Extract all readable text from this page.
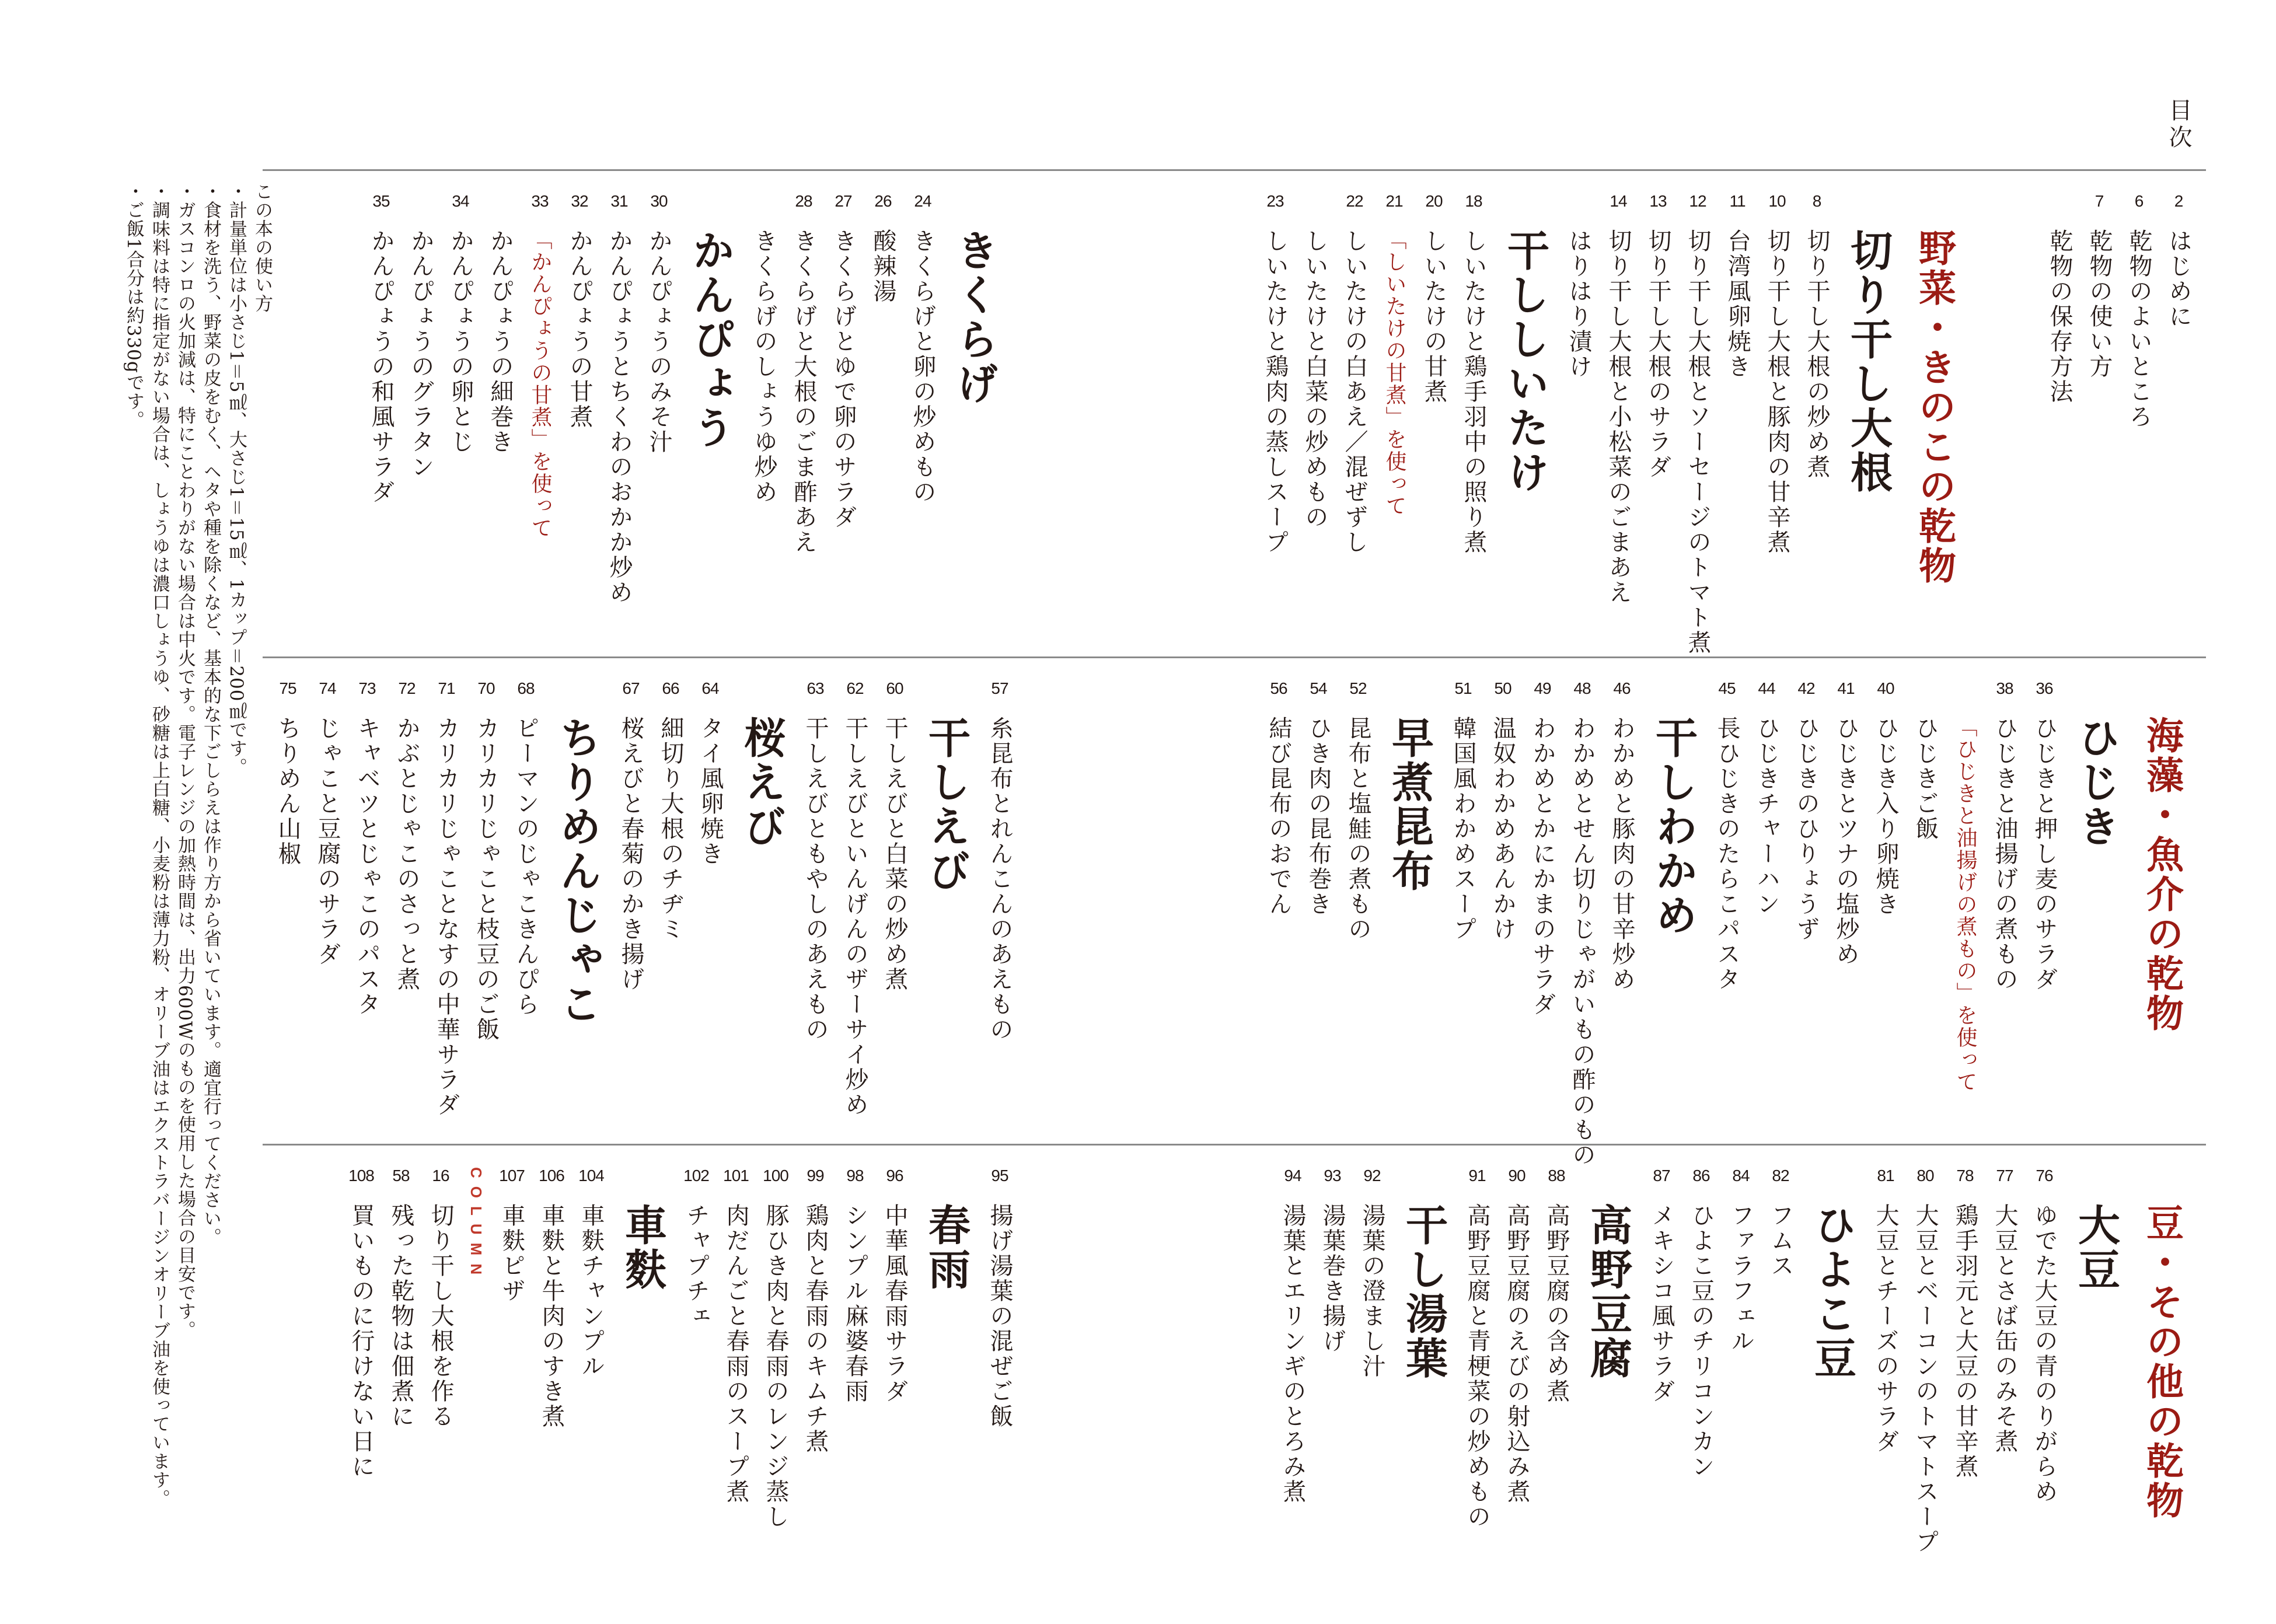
目次
2
はじめに
6
乾物のよいところ
7
乾物の使い方
乾物の保存方法
野菜・きのこの乾物
切り干し大根
8
切り干し大根の炒め煮
10
切り干し大根と豚肉の甘辛煮
11
台湾風卵焼き
12
切り干し大根とソーセージのトマト煮
13
切り干し大根のサラダ
14
切り干し大根と小松菜のごまあえ
はりはり漬け
干ししいたけ
18
しいたけと鶏手羽中の照り煮
20
しいたけの甘煮
21
「しいたけの甘煮」を使って
22
しいたけの白あえ／混ぜずし
しいたけと白菜の炒めもの
23
しいたけと鶏肉の蒸しスープ
きくらげ
24
きくらげと卵の炒めもの
26
酸辣湯
27
きくらげとゆで卵のサラダ
28
きくらげと大根のごま酢あえ
きくらげのしょうゆ炒め
かんぴょう
30
かんぴょうのみそ汁
31
かんぴょうとちくわのおかか炒め
32
かんぴょうの甘煮
33
「かんぴょうの甘煮」を使って
かんぴょうの細巻き
34
かんぴょうの卵とじ
かんぴょうのグラタン
35
かんぴょうの和風サラダ
海藻・魚介の乾物
ひじき
36
ひじきと押し麦のサラダ
38
ひじきと油揚げの煮もの
「ひじきと油揚げの煮もの」を使って
ひじきご飯
40
ひじき入り卵焼き
41
ひじきとツナの塩炒め
42
ひじきのひりょうず
44
ひじきチャーハン
45
長ひじきのたらこパスタ
干しわかめ
46
わかめと豚肉の甘辛炒め
48
わかめとせん切りじゃがいもの酢のもの
49
わかめとかにかまのサラダ
50
温奴わかめあんかけ
51
韓国風わかめスープ
早煮昆布
52
昆布と塩鮭の煮もの
54
ひき肉の昆布巻き
56
結び昆布のおでん
57
糸昆布とれんこんのあえもの
干しえび
60
干しえびと白菜の炒め煮
62
干しえびといんげんのザーサイ炒め
63
干しえびともやしのあえもの
桜えび
64
タイ風卵焼き
66
細切り大根のチヂミ
67
桜えびと春菊のかき揚げ
ちりめんじゃこ
68
ピーマンのじゃこきんぴら
70
カリカリじゃこと枝豆のご飯
71
カリカリじゃことなすの中華サラダ
72
かぶとじゃこのさっと煮
73
キャベツとじゃこのパスタ
74
じゃこと豆腐のサラダ
75
ちりめん山椒
豆・その他の乾物
大豆
76
ゆでた大豆の青のりがらめ
77
大豆とさば缶のみそ煮
78
鶏手羽元と大豆の甘辛煮
80
大豆とベーコンのトマトスープ
81
大豆とチーズのサラダ
ひよこ豆
82
フムス
84
ファラフェル
86
ひよこ豆のチリコンカン
87
メキシコ風サラダ
高野豆腐
88
高野豆腐の含め煮
90
高野豆腐のえびの射込み煮
91
高野豆腐と青梗菜の炒めもの
干し湯葉
92
湯葉の澄まし汁
93
湯葉巻き揚げ
94
湯葉とエリンギのとろみ煮
95
揚げ湯葉の混ぜご飯
春雨
96
中華風春雨サラダ
98
シンプル麻婆春雨
99
鶏肉と春雨のキムチ煮
100
豚ひき肉と春雨のレンジ蒸し
101
肉だんごと春雨のスープ煮
102
チャプチェ
車麩
104
車麩チャンプル
106
車麩と牛肉のすき煮
107
車麩ピザ
COLUMN
16
切り干し大根を作る
58
残った乾物は佃煮に
108
買いものに行けない日に
この本の使い方
・計量単位は小さじ1＝5㎖、大さじ1＝15㎖、1カップ＝200㎖です。
・食材を洗う、野菜の皮をむく、ヘタや種を除くなど、基本的な下ごしらえは作り方から省いています。適宜行ってください。
・ガスコンロの火加減は、特にことわりがない場合は中火です。電子レンジの加熱時間は、出力600Wのものを使用した場合の目安です。
・調味料は特に指定がない場合は、しょうゆは濃口しょうゆ、砂糖は上白糖、小麦粉は薄力粉、オリーブ油はエクストラバージンオリーブ油を使っています。
・ご飯1合分は約330gです。
